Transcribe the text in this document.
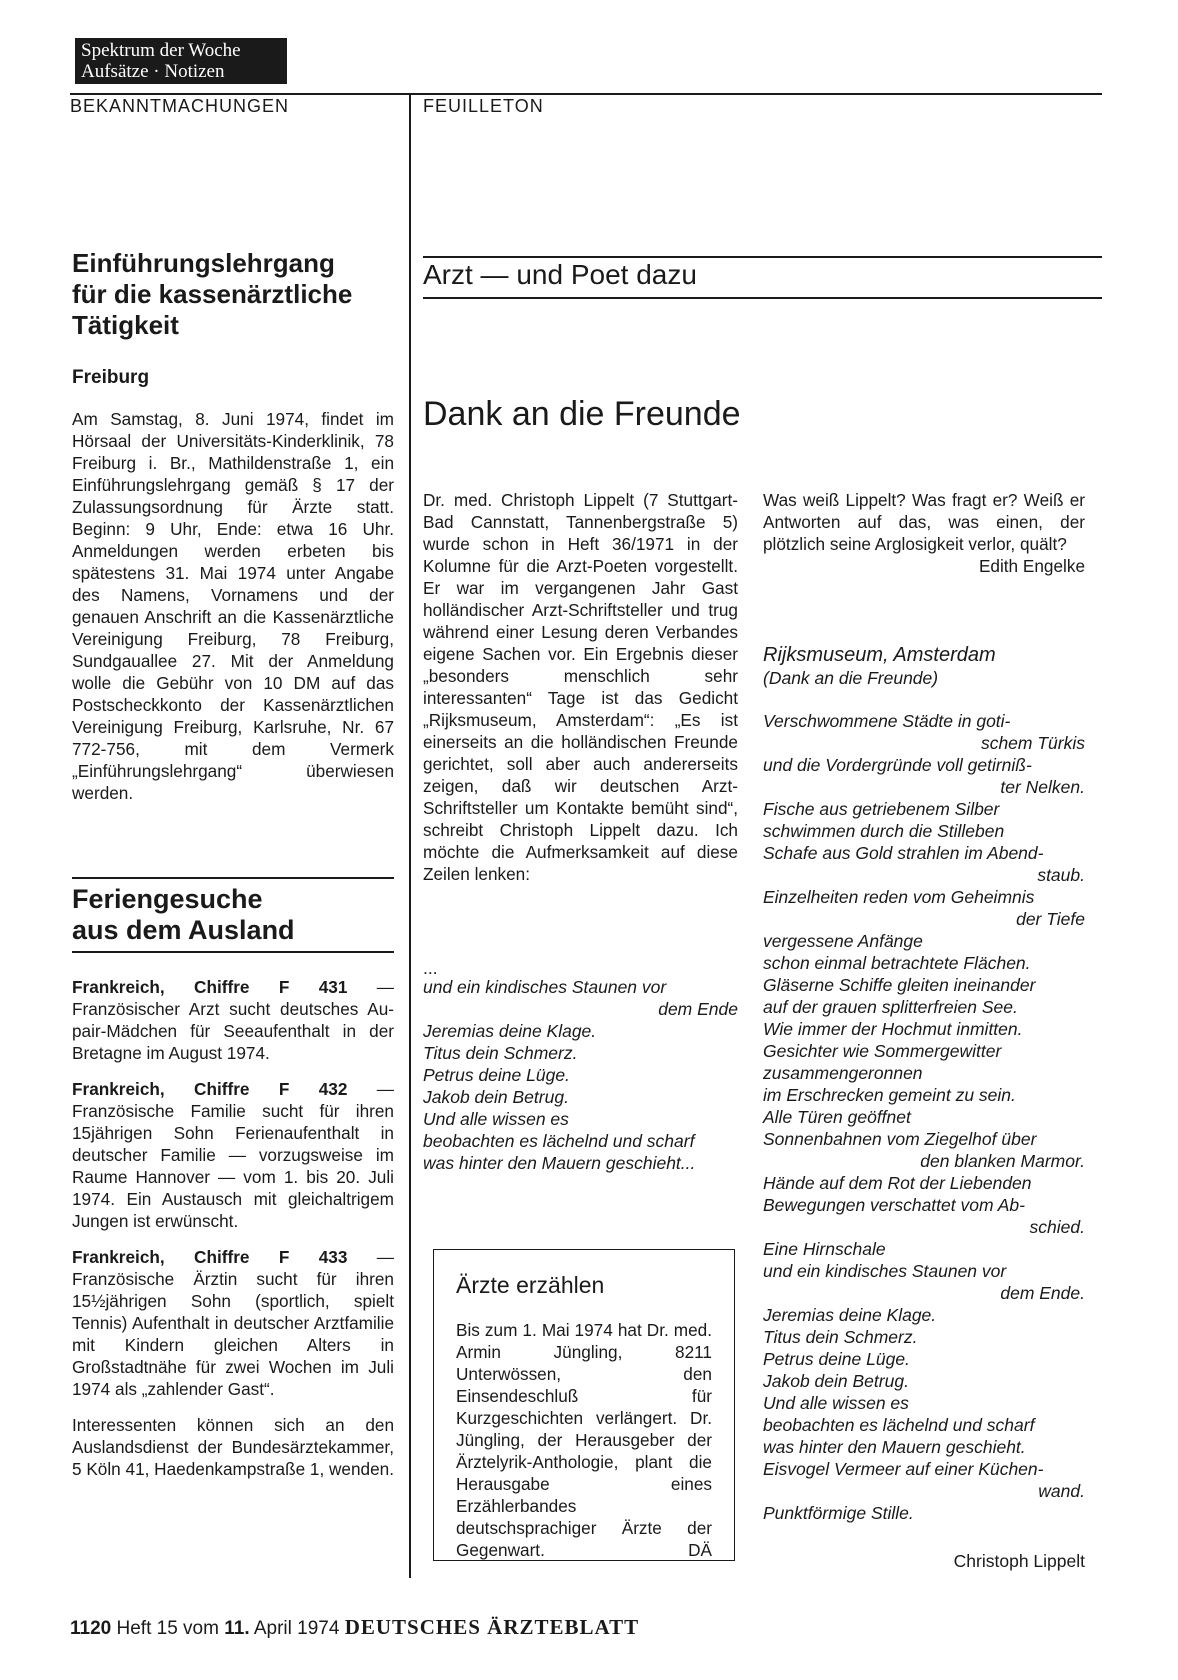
Spektrum der Woche
Aufsätze · Notizen
BEKANNTMACHUNGEN	FEUILLETON
Einführungslehrgang
für die kassenärztliche
Tätigkeit
Freiburg
Am Samstag, 8. Juni 1974, findet im Hörsaal der Universitäts-Kinderklinik, 78 Freiburg i. Br., Mathildenstraße 1, ein Einführungslehrgang gemäß § 17 der Zulassungsordnung für Ärzte statt. Beginn: 9 Uhr, Ende: etwa 16 Uhr. Anmeldungen werden erbeten bis spätestens 31. Mai 1974 unter Angabe des Namens, Vornamens und der genauen Anschrift an die Kassenärztliche Vereinigung Freiburg, 78 Freiburg, Sundgauallee 27. Mit der Anmeldung wolle die Gebühr von 10 DM auf das Postscheckkonto der Kassenärztlichen Vereinigung Freiburg, Karlsruhe, Nr. 67 772-756, mit dem Vermerk „Einführungslehrgang“ überwiesen werden.
Feriengesuche
aus dem Ausland
Frankreich, Chiffre F 431 — Französischer Arzt sucht deutsches Au-pair-Mädchen für Seeaufenthalt in der Bretagne im August 1974.
Frankreich, Chiffre F 432 — Französische Familie sucht für ihren 15jährigen Sohn Ferienaufenthalt in deutscher Familie — vorzugsweise im Raume Hannover — vom 1. bis 20. Juli 1974. Ein Austausch mit gleichaltrigem Jungen ist erwünscht.
Frankreich, Chiffre F 433 — Französische Ärztin sucht für ihren 15½jährigen Sohn (sportlich, spielt Tennis) Aufenthalt in deutscher Arztfamilie mit Kindern gleichen Alters in Großstadtnähe für zwei Wochen im Juli 1974 als „zahlender Gast“.
Interessenten können sich an den Auslandsdienst der Bundesärztekammer, 5 Köln 41, Haedenkampstraße 1, wenden.
Arzt — und Poet dazu
Dank an die Freunde
Dr. med. Christoph Lippelt (7 Stuttgart-Bad Cannstatt, Tannenbergstraße 5) wurde schon in Heft 36/1971 in der Kolumne für die Arzt-Poeten vorgestellt. Er war im vergangenen Jahr Gast holländischer Arzt-Schriftsteller und trug während einer Lesung deren Verbandes eigene Sachen vor. Ein Ergebnis dieser „besonders menschlich sehr interessanten“ Tage ist das Gedicht „Rijksmuseum, Amsterdam“: „Es ist einerseits an die holländischen Freunde gerichtet, soll aber auch andererseits zeigen, daß wir deutschen Arzt-Schriftsteller um Kontakte bemüht sind“, schreibt Christoph Lippelt dazu. Ich möchte die Aufmerksamkeit auf diese Zeilen lenken:
...
und ein kindisches Staunen vor
dem Ende
Jeremias deine Klage.
Titus dein Schmerz.
Petrus deine Lüge.
Jakob dein Betrug.
Und alle wissen es
beobachten es lächelnd und scharf
was hinter den Mauern geschieht...
Ärzte erzählen
Bis zum 1. Mai 1974 hat Dr. med. Armin Jüngling, 8211 Unterwössen, den Einsendeschluß für Kurzgeschichten verlängert. Dr. Jüngling, der Herausgeber der Ärztelyrik-Anthologie, plant die Herausgabe eines Erzählerbandes deutschsprachiger Ärzte der Gegenwart.	DÄ
Was weiß Lippelt? Was fragt er? Weiß er Antworten auf das, was einen, der plötzlich seine Arglosigkeit verlor, quält?
Edith Engelke
Rijksmuseum, Amsterdam
(Dank an die Freunde)
Verschwommene Städte in goti-
schem Türkis
und die Vordergründe voll getirniß-
ter Nelken.
Fische aus getriebenem Silber
schwimmen durch die Stilleben
Schafe aus Gold strahlen im Abend-
staub.
Einzelheiten reden vom Geheimnis
der Tiefe
vergessene Anfänge
schon einmal betrachtete Flächen.
Gläserne Schiffe gleiten ineinander
auf der grauen splitterfreien See.
Wie immer der Hochmut inmitten.
Gesichter wie Sommergewitter
zusammengeronnen
im Erschrecken gemeint zu sein.
Alle Türen geöffnet
Sonnenbahnen vom Ziegelhof über
den blanken Marmor.
Hände auf dem Rot der Liebenden
Bewegungen verschattet vom Ab-
schied.
Eine Hirnschale
und ein kindisches Staunen vor
dem Ende.
Jeremias deine Klage.
Titus dein Schmerz.
Petrus deine Lüge.
Jakob dein Betrug.
Und alle wissen es
beobachten es lächelnd und scharf
was hinter den Mauern geschieht.
Eisvogel Vermeer auf einer Küchen-
wand.
Punktförmige Stille.
Christoph Lippelt
1120 Heft 15 vom 11. April 1974 DEUTSCHES ÄRZTEBLATT
